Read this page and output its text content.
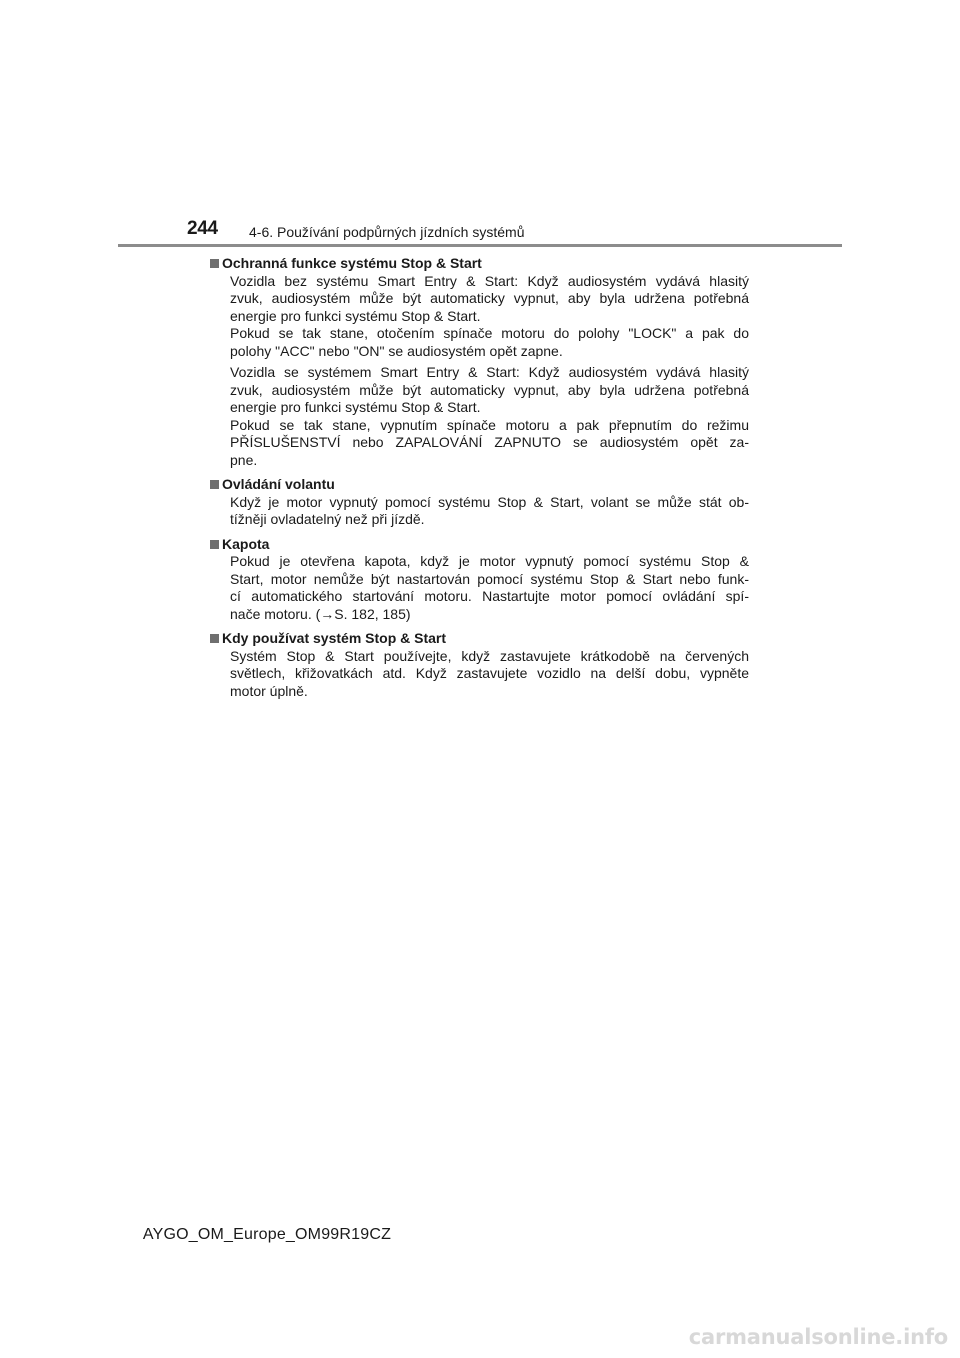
244 4-6. Používání podpůrných jízdních systémů
Ochranná funkce systému Stop & Start
Vozidla bez systému Smart Entry & Start: Když audiosystém vydává hlasitý
zvuk, audiosystém může být automaticky vypnut, aby byla udržena potřebná
energie pro funkci systému Stop & Start.
Pokud se tak stane, otočením spínače motoru do polohy "LOCK" a pak do
polohy "ACC" nebo "ON" se audiosystém opět zapne.
Vozidla se systémem Smart Entry & Start: Když audiosystém vydává hlasitý
zvuk, audiosystém může být automaticky vypnut, aby byla udržena potřebná
energie pro funkci systému Stop & Start.
Pokud se tak stane, vypnutím spínače motoru a pak přepnutím do režimu
PŘÍSLUŠENSTVÍ nebo ZAPALOVÁNÍ ZAPNUTO se audiosystém opět za-
pne.
Ovládání volantu
Když je motor vypnutý pomocí systému Stop & Start, volant se může stát ob-
tížněji ovladatelný než při jízdě.
Kapota
Pokud je otevřena kapota, když je motor vypnutý pomocí systému Stop &
Start, motor nemůže být nastartován pomocí systému Stop & Start nebo funk-
cí automatického startování motoru. Nastartujte motor pomocí ovládání spí-
nače motoru. (→S. 182, 185)
Kdy používat systém Stop & Start
Systém Stop & Start používejte, když zastavujete krátkodobě na červených
světlech, křižovatkách atd. Když zastavujete vozidlo na delší dobu, vypněte
motor úplně.
AYGO_OM_Europe_OM99R19CZ
carmanualsonline.info
